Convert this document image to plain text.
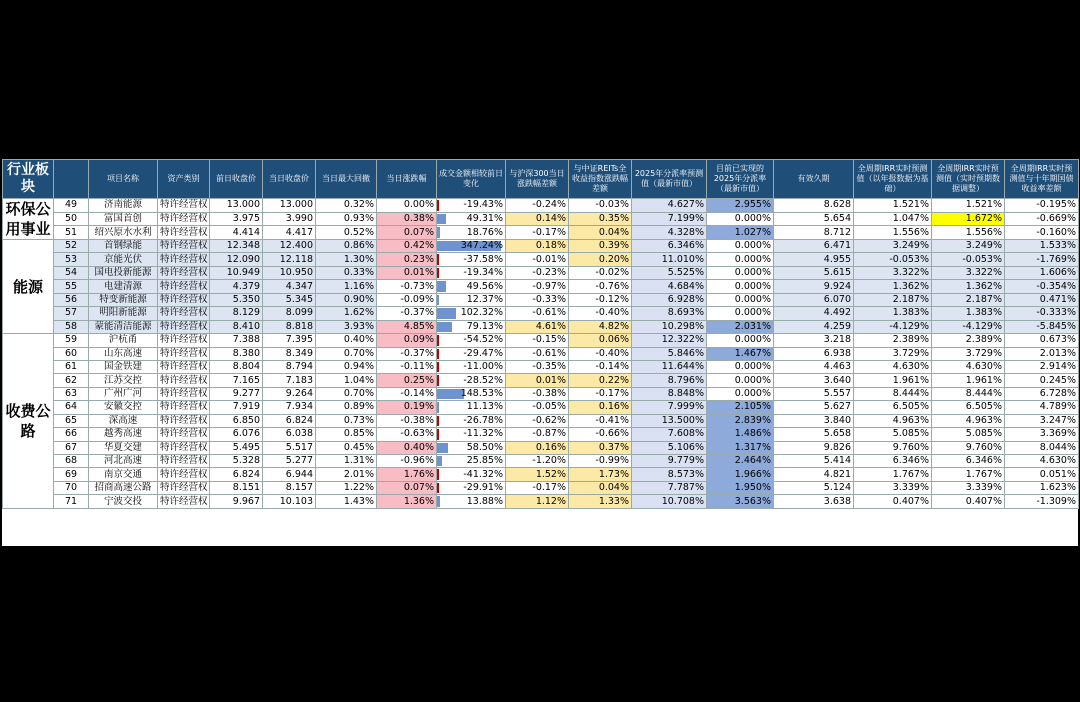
行业板块		项目名称	资产类别	前日收盘价	当日收盘价	当日最大回撤	当日涨跌幅	成交金额相较前日变化	与沪深300当日涨跌幅差额	与中证REITs全收益指数涨跌幅差额	2025年分派率预测值（最新市值）	目前已实现的2025年分派率（最新市值）	有效久期	全周期IRR实时预测值（以年报数据为基础）	全周期IRR实时预测值（实时预期数据调整）	全周期IRR实时预测值与十年期国债收益率差额
环保公用事业	49	济南能源	特许经营权	13.000	13.000	0.32%	0.00%	-19.43%	-0.24%	-0.03%	4.627%	2.955%	8.628	1.521%	1.521%	-0.195%
	50	富国首创	特许经营权	3.975	3.990	0.93%	0.38%	49.31%	0.14%	0.35%	7.199%	0.000%	5.654	1.047%	1.672%	-0.669%
	51	绍兴原水水利	特许经营权	4.414	4.417	0.52%	0.07%	18.76%	-0.17%	0.04%	4.328%	1.027%	8.712	1.556%	1.556%	-0.160%
能源	52	首钢绿能	特许经营权	12.348	12.400	0.86%	0.42%	347.24%	0.18%	0.39%	6.346%	0.000%	6.471	3.249%	3.249%	1.533%
	53	京能光伏	特许经营权	12.090	12.118	1.30%	0.23%	-37.58%	-0.01%	0.20%	11.010%	0.000%	4.955	-0.053%	-0.053%	-1.769%
	54	国电投新能源	特许经营权	10.949	10.950	0.33%	0.01%	-19.34%	-0.23%	-0.02%	5.525%	0.000%	5.615	3.322%	3.322%	1.606%
	55	电建清源	特许经营权	4.379	4.347	1.16%	-0.73%	49.56%	-0.97%	-0.76%	4.684%	0.000%	9.924	1.362%	1.362%	-0.354%
	56	特变新能源	特许经营权	5.350	5.345	0.90%	-0.09%	12.37%	-0.33%	-0.12%	6.928%	0.000%	6.070	2.187%	2.187%	0.471%
	57	明阳新能源	特许经营权	8.129	8.099	1.62%	-0.37%	102.32%	-0.61%	-0.40%	8.693%	0.000%	4.492	1.383%	1.383%	-0.333%
	58	蒙能清洁能源	特许经营权	8.410	8.818	3.93%	4.85%	79.13%	4.61%	4.82%	10.298%	2.031%	4.259	-4.129%	-4.129%	-5.845%
收费公路	59	沪杭甬	特许经营权	7.388	7.395	0.40%	0.09%	-54.52%	-0.15%	0.06%	12.322%	0.000%	3.218	2.389%	2.389%	0.673%
	60	山东高速	特许经营权	8.380	8.349	0.70%	-0.37%	-29.47%	-0.61%	-0.40%	5.846%	1.467%	6.938	3.729%	3.729%	2.013%
	61	国金铁建	特许经营权	8.804	8.794	0.94%	-0.11%	-11.00%	-0.35%	-0.14%	11.644%	0.000%	4.463	4.630%	4.630%	2.914%
	62	江苏交控	特许经营权	7.165	7.183	1.04%	0.25%	-28.52%	0.01%	0.22%	8.796%	0.000%	3.640	1.961%	1.961%	0.245%
	63	广州广河	特许经营权	9.277	9.264	0.70%	-0.14%	148.53%	-0.38%	-0.17%	8.848%	0.000%	5.557	8.444%	8.444%	6.728%
	64	安徽交控	特许经营权	7.919	7.934	0.89%	0.19%	11.13%	-0.05%	0.16%	7.999%	2.105%	5.627	6.505%	6.505%	4.789%
	65	深高速	特许经营权	6.850	6.824	0.73%	-0.38%	-26.78%	-0.62%	-0.41%	13.500%	2.839%	3.840	4.963%	4.963%	3.247%
	66	越秀高速	特许经营权	6.076	6.038	0.85%	-0.63%	-11.32%	-0.87%	-0.66%	7.608%	1.486%	5.658	5.085%	5.085%	3.369%
	67	华夏交建	特许经营权	5.495	5.517	0.45%	0.40%	58.50%	0.16%	0.37%	5.106%	1.317%	9.826	9.760%	9.760%	8.044%
	68	河北高速	特许经营权	5.328	5.277	1.31%	-0.96%	25.85%	-1.20%	-0.99%	9.779%	2.464%	5.414	6.346%	6.346%	4.630%
	69	南京交通	特许经营权	6.824	6.944	2.01%	1.76%	-41.32%	1.52%	1.73%	8.573%	1.966%	4.821	1.767%	1.767%	0.051%
	70	招商高速公路	特许经营权	8.151	8.157	1.22%	0.07%	-29.91%	-0.17%	0.04%	7.787%	1.950%	5.124	3.339%	3.339%	1.623%
	71	宁波交投	特许经营权	9.967	10.103	1.43%	1.36%	13.88%	1.12%	1.33%	10.708%	3.563%	3.638	0.407%	0.407%	-1.309%
